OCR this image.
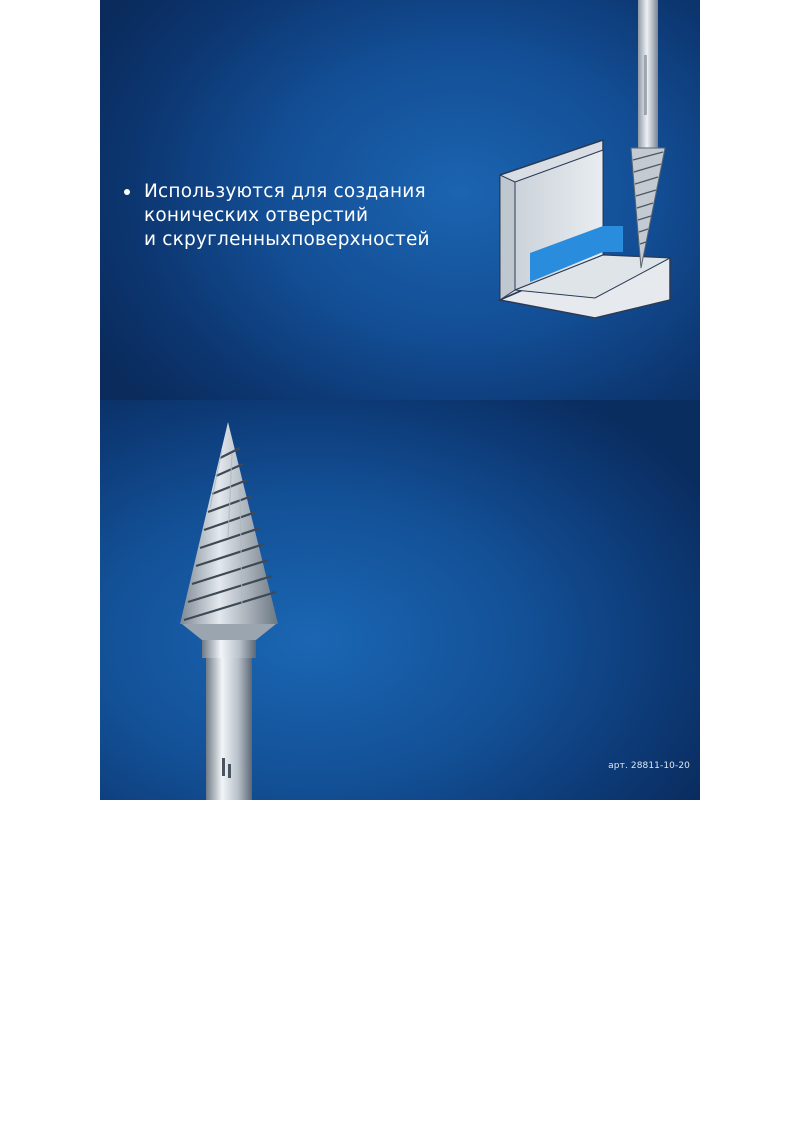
Используются для создания
конических отверстий
и скругленныхповерхностей
Рабочая часть из мелко-
зернистого твердого сплава
марки ВК8
Полностью автоматическая
заточка
Двойная заточка рабочей
части подходит для
большинства материалов
арт. 28811-10-20
